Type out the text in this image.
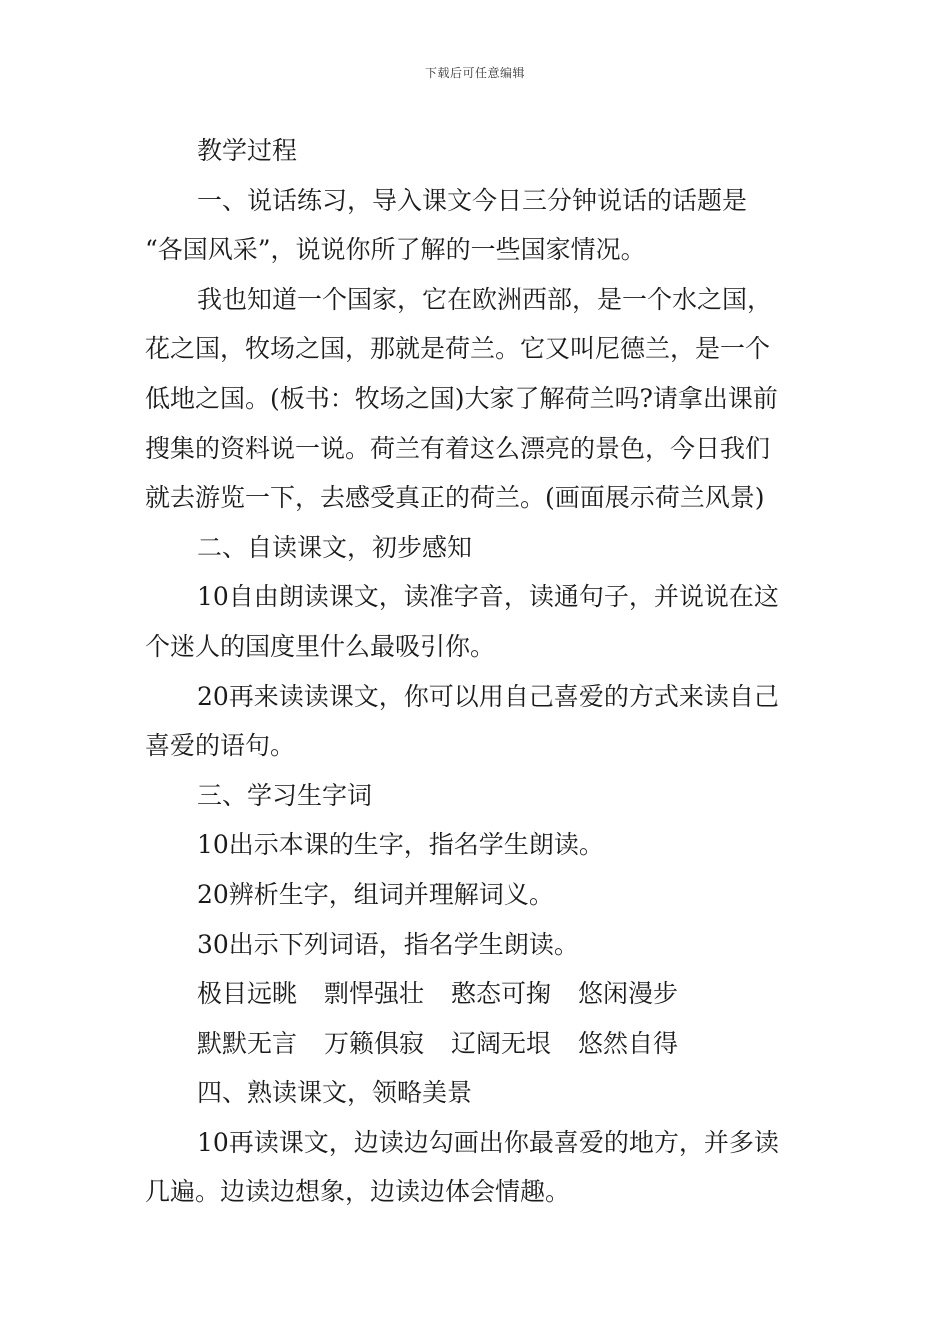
下载后可任意编辑
教学过程
一、说话练习，导入课文今日三分钟说话的话题是
“各国风采”，说说你所了解的一些国家情况。
我也知道一个国家，它在欧洲西部，是一个水之国，
花之国，牧场之国，那就是荷兰。它又叫尼德兰，是一个
低地之国。(板书：牧场之国)大家了解荷兰吗?请拿出课前
搜集的资料说一说。荷兰有着这么漂亮的景色，今日我们
就去游览一下，去感受真正的荷兰。(画面展示荷兰风景)
二、自读课文，初步感知
10自由朗读课文，读准字音，读通句子，并说说在这
个迷人的国度里什么最吸引你。
20再来读读课文，你可以用自己喜爱的方式来读自己
喜爱的语句。
三、学习生字词
10出示本课的生字，指名学生朗读。
20辨析生字，组词并理解词义。
30出示下列词语，指名学生朗读。
极目远眺 剽悍强壮 憨态可掬 悠闲漫步
默默无言 万籁俱寂 辽阔无垠 悠然自得
四、熟读课文，领略美景
10再读课文，边读边勾画出你最喜爱的地方，并多读
几遍。边读边想象，边读边体会情趣。
